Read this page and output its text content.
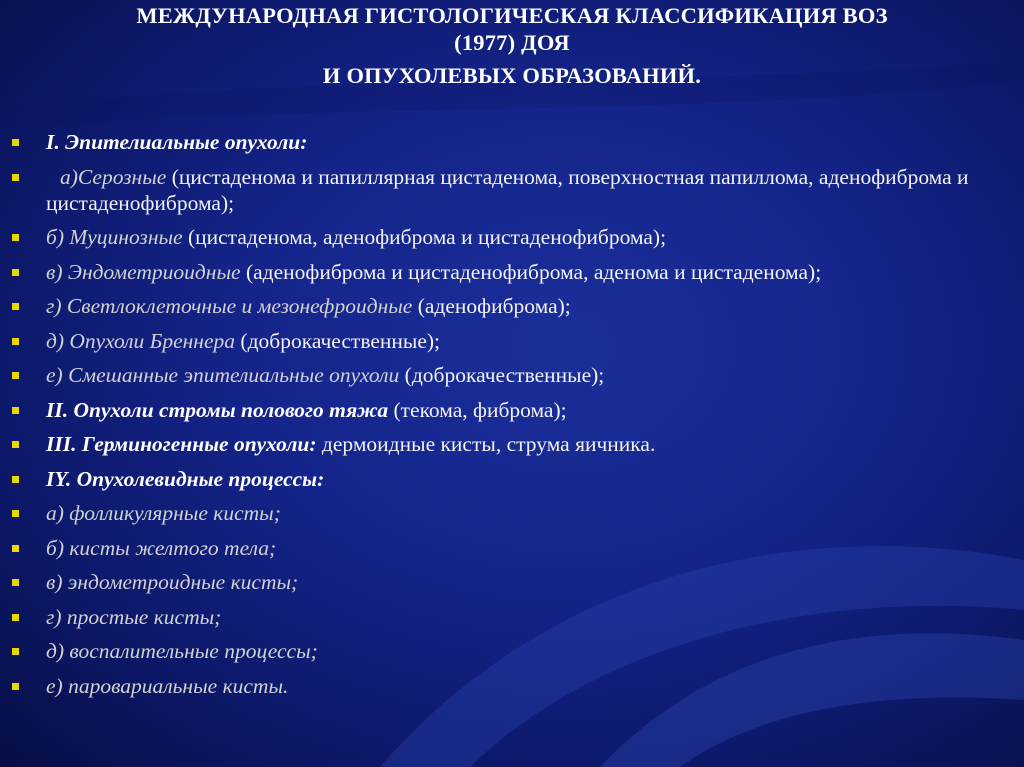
МЕЖДУНАРОДНАЯ ГИСТОЛОГИЧЕСКАЯ КЛАССИФИКАЦИЯ ВОЗ
(1977) ДОЯ
И ОПУХОЛЕВЫХ ОБРАЗОВАНИЙ.
I. Эпителиальные опухоли:
а)Серозные (цистаденома и папиллярная цистаденома, поверхностная папиллома, аденофиброма и цистаденофиброма);
б) Муцинозные (цистаденома, аденофиброма и цистаденофиброма);
в) Эндометриоидные (аденофиброма и цистаденофиброма, аденома и цистаденома);
г) Светлоклеточные и мезонефроидные (аденофиброма);
д) Опухоли Бреннера (доброкачественные);
е) Смешанные эпителиальные опухоли (доброкачественные);
II. Опухоли стромы полового тяжа (текома, фиброма);
III. Герминогенные опухоли: дермоидные кисты, струма яичника.
IY. Опухолевидные процессы:
а) фолликулярные кисты;
б) кисты желтого тела;
в) эндометроидные кисты;
г) простые кисты;
д) воспалительные процессы;
е) паровариальные кисты.
